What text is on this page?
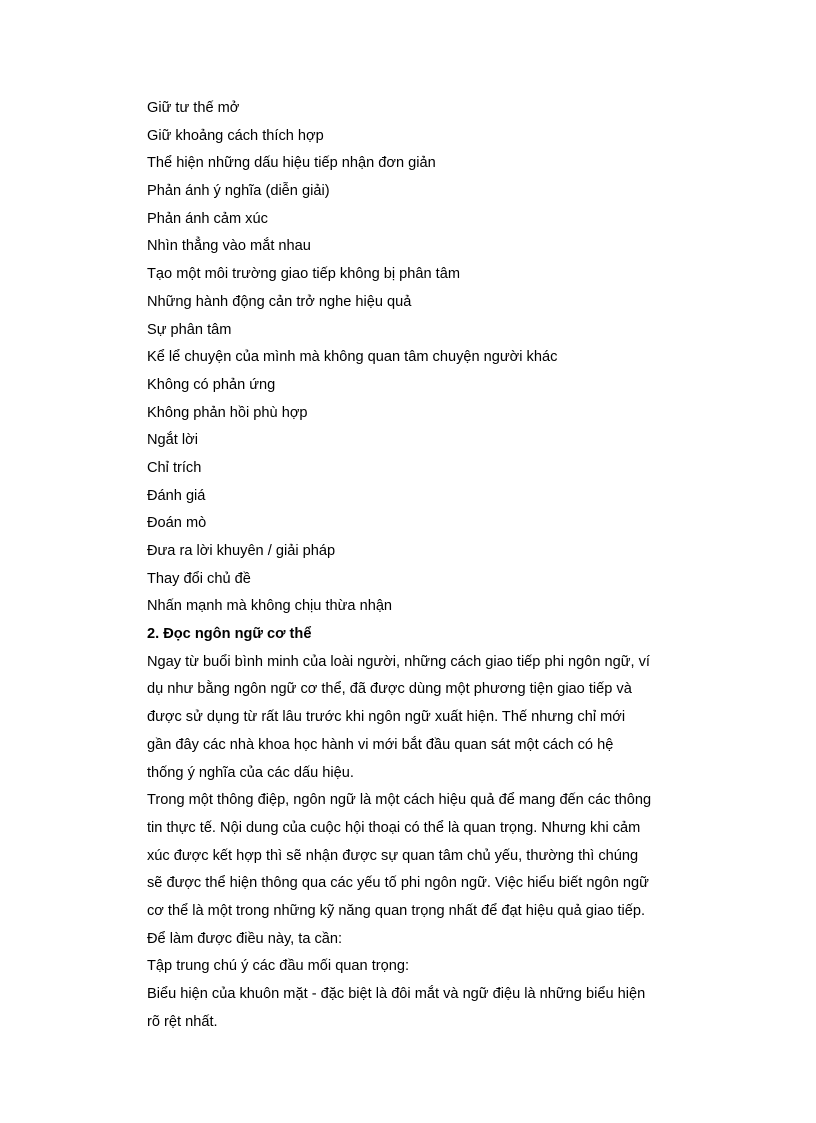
Giữ tư thế mở
Giữ khoảng cách thích hợp
Thể hiện những dấu hiệu tiếp nhận đơn giản
Phản ánh ý nghĩa (diễn giải)
Phản ánh cảm xúc
Nhìn thẳng vào mắt nhau
Tạo một môi trường giao tiếp không bị phân tâm
Những hành động cản trở nghe hiệu quả
Sự phân tâm
Kể lể chuyện của mình mà không quan tâm chuyện người khác
Không có phản ứng
Không phản hồi phù hợp
Ngắt lời
Chỉ trích
Đánh giá
Đoán mò
Đưa ra lời khuyên / giải pháp
Thay đổi chủ đề
Nhấn mạnh mà không chịu thừa nhận
2. Đọc ngôn ngữ cơ thể
Ngay từ buổi bình minh của loài người, những cách giao tiếp phi ngôn ngữ, ví
dụ như bằng ngôn ngữ cơ thể, đã được dùng một phương tiện giao tiếp và
được sử dụng từ rất lâu trước khi ngôn ngữ xuất hiện. Thế nhưng chỉ mới
gần đây các nhà khoa học hành vi mới bắt đầu quan sát một cách có hệ
thống ý nghĩa của các dấu hiệu.
Trong một thông điệp, ngôn ngữ là một cách hiệu quả để mang đến các thông
tin thực tế. Nội dung của cuộc hội thoại có thể là quan trọng. Nhưng khi cảm
xúc được kết hợp thì sẽ nhận được sự quan tâm chủ yếu, thường thì chúng
sẽ được thể hiện thông qua các yếu tố phi ngôn ngữ. Việc hiểu biết ngôn ngữ
cơ thể là một trong những kỹ năng quan trọng nhất để đạt hiệu quả giao tiếp.
Để làm được điều này, ta cần:
Tập trung chú ý các đầu mối quan trọng:
Biểu hiện của khuôn mặt - đặc biệt là đôi mắt và ngữ điệu là những biểu hiện
rõ rệt nhất.
